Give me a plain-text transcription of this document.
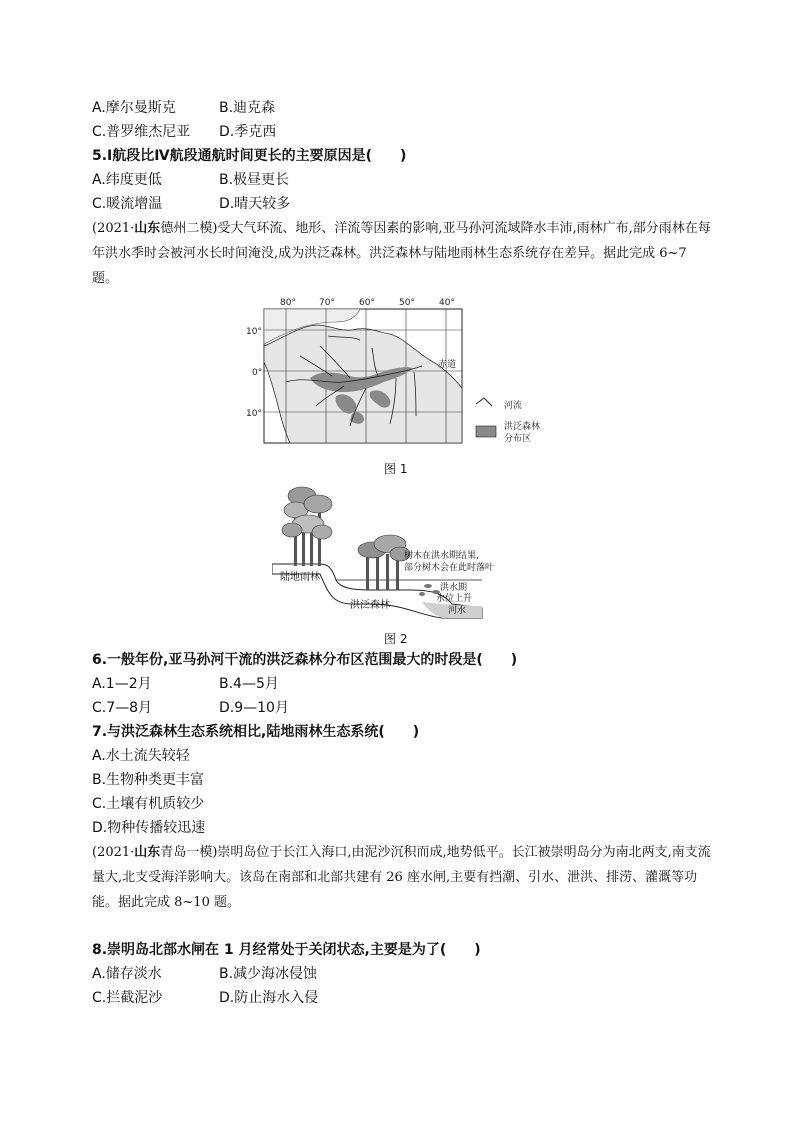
A.摩尔曼斯克	B.迪克森
C.普罗维杰尼亚 D.季克西
5.Ⅰ航段比Ⅳ航段通航时间更长的主要原因是(　　)
A.纬度更低	B.极昼更长
C.暖流增温	D.晴天较多
(2021·山东德州二模)受大气环流、地形、洋流等因素的影响,亚马孙河流域降水丰沛,雨林广布,部分雨林在每年洪水季时会被河水长时间淹没,成为洪泛森林。洪泛森林与陆地雨林生态系统存在差异。据此完成 6~7 题。
80°	70°	60°	50°	40°
10°
0°
10°
赤道
河流
洪泛森林
分布区
图 1
陆地雨林
洪泛森林
树木在洪水期结果,
部分树木会在此时落叶
洪水期
水位上升
河水
图 2
6.一般年份,亚马孙河干流的洪泛森林分布区范围最大的时段是(　　)
A.1—2月	B.4—5月
C.7—8月	D.9—10月
7.与洪泛森林生态系统相比,陆地雨林生态系统(　　)
A.水土流失较轻
B.生物种类更丰富
C.土壤有机质较少
D.物种传播较迅速
(2021·山东青岛一模)崇明岛位于长江入海口,由泥沙沉积而成,地势低平。长江被崇明岛分为南北两支,南支流量大,北支受海洋影响大。该岛在南部和北部共建有 26 座水闸,主要有挡潮、引水、泄洪、排涝、灌溉等功能。据此完成 8~10 题。
8.崇明岛北部水闸在 1 月经常处于关闭状态,主要是为了(　　)
A.储存淡水	B.减少海冰侵蚀
C.拦截泥沙	D.防止海水入侵
